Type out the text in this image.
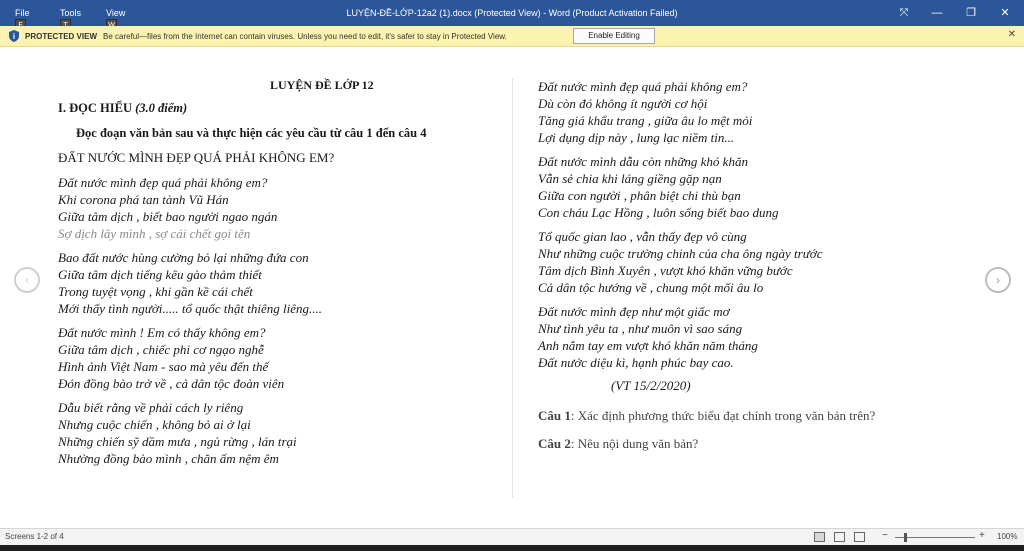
File	Tools	View	LUYỆN-ĐỀ-LỚP-12a2 (1).docx (Protected View) - Word (Product Activation Failed)	⤧	—	❐	✕
i PROTECTED VIEW Be careful—files from the Internet can contain viruses. Unless you need to edit, it's safer to stay in Protected View.	Enable Editing	✕
‹	›
LUYỆN ĐỀ LỚP 12
I. ĐỌC HIỂU (3.0 điểm)
Đọc đoạn văn bản sau và thực hiện các yêu cầu từ câu 1 đến câu 4
ĐẤT NƯỚC MÌNH ĐẸP QUÁ PHẢI KHÔNG EM?
Đất nước mình đẹp quá phải không em?
Khi corona phá tan tành Vũ Hán
Giữa tâm dịch , biết bao người ngao ngán
Sợ dịch lây mình , sợ cái chết gọi tên
Bao đất nước hùng cường bỏ lại những đứa con
Giữa tâm dịch tiếng kêu gào thảm thiết
Trong tuyệt vọng , khi gần kề cái chết
Mới thấy tình người..... tổ quốc thật thiêng liêng....
Đất nước mình ! Em có thấy không em?
Giữa tâm dịch , chiếc phi cơ ngạo nghễ
Hình ảnh Việt Nam - sao mà yêu đến thế
Đón đồng bào trở về , cả dân tộc đoàn viên
Dẫu biết rằng về phải cách ly riêng
Nhưng cuộc chiến , không bỏ ai ở lại
Những chiến sỹ dầm mưa , ngủ rừng , lán trại
Nhường đồng bào mình , chăn ấm nệm êm
Đất nước mình đẹp quá phải không em?
Dù còn đó không ít người cơ hội
Tăng giá khẩu trang , giữa âu lo mệt mỏi
Lợi dụng dịp này , lung lạc niềm tin...
Đất nước mình dẫu còn những khó khăn
Vẫn sẻ chia khi láng giềng gặp nạn
Giữa con người , phân biệt chi thù bạn
Con cháu Lạc Hồng , luôn sống biết bao dung
Tổ quốc gian lao , vẫn thấy đẹp vô cùng
Như những cuộc trường chinh của cha ông ngày trước
Tâm dịch Bình Xuyên , vượt khó khăn vững bước
Cả dân tộc hướng về , chung một mối âu lo
Đất nước mình đẹp như một giấc mơ
Như tình yêu ta , như muôn vì sao sáng
Anh nắm tay em vượt khó khăn năm tháng
Đất nước diệu kì, hạnh phúc bay cao.
(VT 15/2/2020)
Câu 1: Xác định phương thức biểu đạt chính trong văn bản trên?
Câu 2: Nêu nội dung văn bản?
Screens 1-2 of 4	−	+ 100%
